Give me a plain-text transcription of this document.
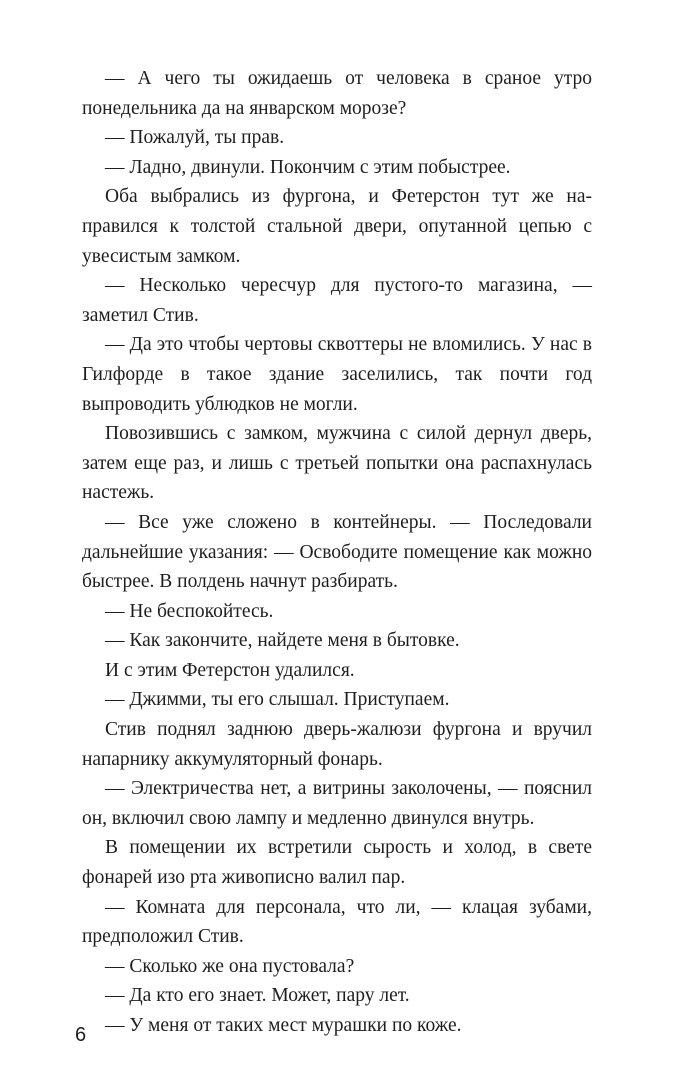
— А чего ты ожидаешь от человека в сраное утро понедельника да на январском морозе?

— Пожалуй, ты прав.

— Ладно, двинули. Покончим с этим побыстрее.

Оба выбрались из фургона, и Фетерстон тут же направился к толстой стальной двери, опутанной цепью с увесистым замком.

— Несколько чересчур для пустого-то магазина, — заметил Стив.

— Да это чтобы чертовы сквоттеры не вломились. У нас в Гилфорде в такое здание заселились, так почти год выпроводить ублюдков не могли.

Повозившись с замком, мужчина с силой дернул дверь, затем еще раз, и лишь с третьей попытки она распахнулась настежь.

— Все уже сложено в контейнеры. — Последовали дальнейшие указания: — Освободите помещение как можно быстрее. В полдень начнут разбирать.

— Не беспокойтесь.

— Как закончите, найдете меня в бытовке.

И с этим Фетерстон удалился.

— Джимми, ты его слышал. Приступаем.

Стив поднял заднюю дверь-жалюзи фургона и вручил напарнику аккумуляторный фонарь.

— Электричества нет, а витрины заколочены, — пояснил он, включил свою лампу и медленно двинулся внутрь.

В помещении их встретили сырость и холод, в свете фонарей изо рта живописно валил пар.

— Комната для персонала, что ли, — клацая зубами, предположил Стив.

— Сколько же она пустовала?

— Да кто его знает. Может, пару лет.

— У меня от таких мест мурашки по коже.

6
